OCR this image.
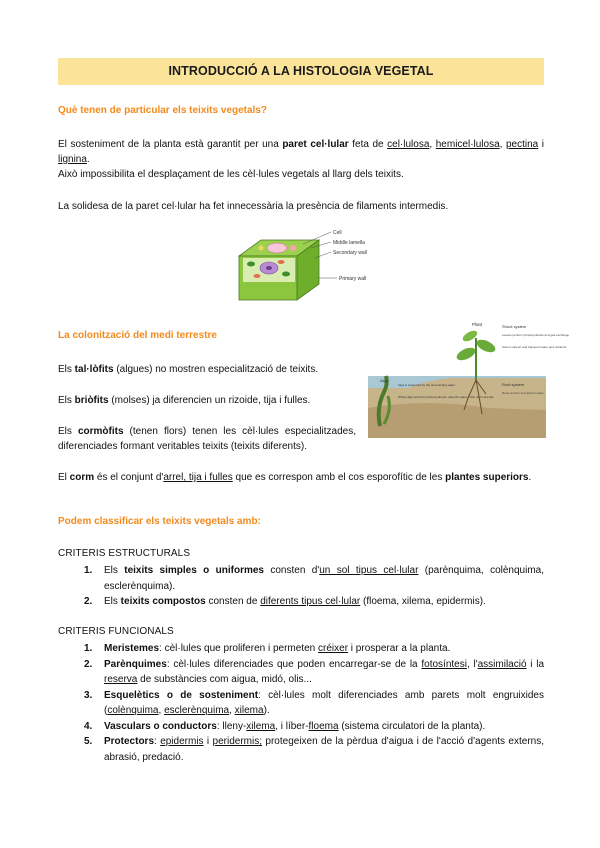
INTRODUCCIÓ A LA HISTOLOGIA VEGETAL

Què tenen de particular els teixits vegetals?

El sosteniment de la planta està garantit per una paret cel·lular feta de cel·lulosa, hemicel·lulosa, pectina i lignina.

Això impossibilita el desplaçament de les cèl·lules vegetals al llarg dels teixits.

La solidesa de la paret cel·lular ha fet innecessària la presència de filaments intermedis.

Cell
Middle lamella
Secondary wall
Primary wall

La colonització del medi terrestre

Els tal·lòfits (algues) no mostren especialització de teixits.

Els briòfits (molses) ja diferencien un rizoide, tija i fulles.

Els cormòfits (tenen flors) tenen les cèl·lules especialitzades, diferenciades formant veritables teixits (teixits diferents).

El corm és el conjunt d'arrel, tija i fulles que es correspon amb el cos esporofític de les plantes superiors.

Plant	Shoot system
Leaves perform photosynthesis and gas exchange
Stems support and transport water and nutrients
Root system
Roots anchor and absorb water
Alga
Alga is supported by the surrounding water
Whole alga performs photosynthesis; absorbs water, CO2, and minerals

Podem classificar els teixits vegetals amb:

CRITERIS ESTRUCTURALS

1. Els teixits simples o uniformes consten d'un sol tipus cel·lular (parènquima, colènquima, esclerènquima).
2. Els teixits compostos consten de diferents tipus cel·lular (floema, xilema, epidermis).

CRITERIS FUNCIONALS

1. Meristemes: cèl·lules que proliferen i permeten créixer i prosperar a la planta.
2. Parènquimes: cèl·lules diferenciades que poden encarregar-se de la fotosíntesi, l'assimilació i la reserva de substàncies com aigua, midó, olis...
3. Esquelètics o de sosteniment: cèl·lules molt diferenciades amb parets molt engruixides (colènquima, esclerènquima, xilema).
4. Vasculars o conductors: lleny-xilema, i líber-floema (sistema circulatori de la planta).
5. Protectors: epidermis i peridermis; protegeixen de la pèrdua d'aigua i de l'acció d'agents externs, abrasió, predació.
